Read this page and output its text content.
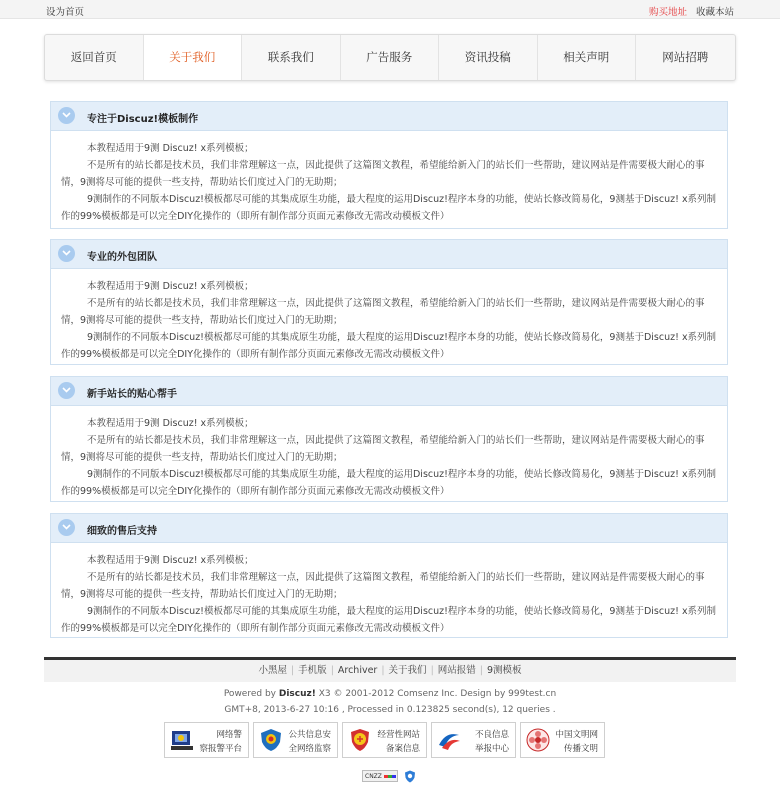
设为首页	购买地址 收藏本站
返回首页	关于我们	联系我们	广告服务	资讯投稿	相关声明	网站招聘
专注于Discuz!模板制作

本教程适用于9测 Discuz! x系列模板；

不是所有的站长都是技术员，我们非常理解这一点，因此提供了这篇图文教程，希望能给新入门的站长们一些帮助，建议网站是件需要极大耐心的事情，9测将尽可能的提供一些支持，帮助站长们度过入门的无助期；

9测制作的不同版本Discuz!模板都尽可能的其集成原生功能，最大程度的运用Discuz!程序本身的功能，使站长修改简易化，9测基于Discuz! x系列制作的99%模板都是可以完全DIY化操作的（即所有制作部分页面元素修改无需改动模板文件）

专业的外包团队

本教程适用于9测 Discuz! x系列模板；

不是所有的站长都是技术员，我们非常理解这一点，因此提供了这篇图文教程，希望能给新入门的站长们一些帮助，建议网站是件需要极大耐心的事情，9测将尽可能的提供一些支持，帮助站长们度过入门的无助期；

9测制作的不同版本Discuz!模板都尽可能的其集成原生功能，最大程度的运用Discuz!程序本身的功能，使站长修改简易化，9测基于Discuz! x系列制作的99%模板都是可以完全DIY化操作的（即所有制作部分页面元素修改无需改动模板文件）

新手站长的贴心帮手

本教程适用于9测 Discuz! x系列模板；

不是所有的站长都是技术员，我们非常理解这一点，因此提供了这篇图文教程，希望能给新入门的站长们一些帮助，建议网站是件需要极大耐心的事情，9测将尽可能的提供一些支持，帮助站长们度过入门的无助期；

9测制作的不同版本Discuz!模板都尽可能的其集成原生功能，最大程度的运用Discuz!程序本身的功能，使站长修改简易化，9测基于Discuz! x系列制作的99%模板都是可以完全DIY化操作的（即所有制作部分页面元素修改无需改动模板文件）

细致的售后支持

本教程适用于9测 Discuz! x系列模板；

不是所有的站长都是技术员，我们非常理解这一点，因此提供了这篇图文教程，希望能给新入门的站长们一些帮助，建议网站是件需要极大耐心的事情，9测将尽可能的提供一些支持，帮助站长们度过入门的无助期；

9测制作的不同版本Discuz!模板都尽可能的其集成原生功能，最大程度的运用Discuz!程序本身的功能，使站长修改简易化，9测基于Discuz! x系列制作的99%模板都是可以完全DIY化操作的（即所有制作部分页面元素修改无需改动模板文件）

小黑屋 | 手机版 | Archiver | 关于我们 | 网站报错 | 9测模板
Powered by Discuz! X3 © 2001-2012 Comsenz Inc. Design by 999test.cn
GMT+8, 2013-6-27 10:16 , Processed in 0.123825 second(s), 12 queries .
网络警
察报警平台
公共信息安
全网络监察
经营性网站
备案信息
不良信息
举报中心
中国文明网
传播文明
CNZZ
